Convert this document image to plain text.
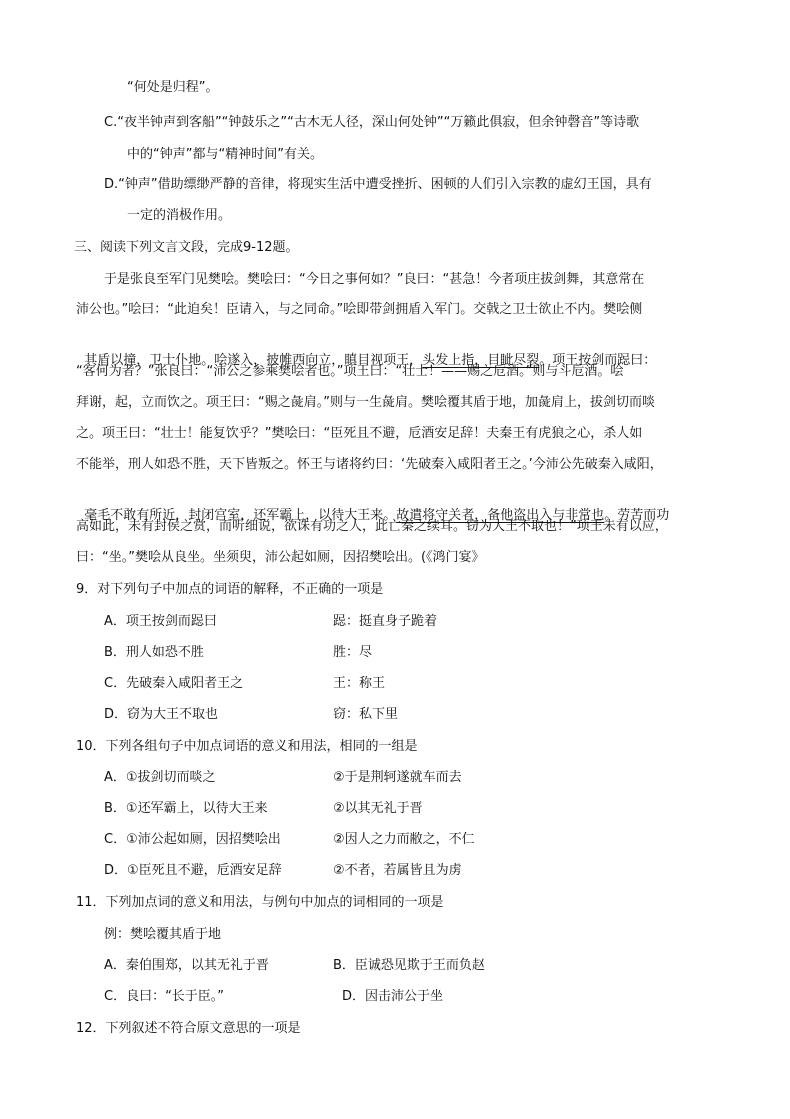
“何处是归程”。
C.“夜半钟声到客船”“钟鼓乐之”“古木无人径，深山何处钟”“万籁此俱寂，但余钟磬音”等诗歌
中的“钟声”都与“精神时间”有关。
D.“钟声”借助缥缈严静的音律，将现实生活中遭受挫折、困顿的人们引入宗教的虚幻王国，具有
一定的消极作用。
三、阅读下列文言文段，完成9-12题。
于是张良至军门见樊哙。樊哙曰：“今日之事何如？”良曰：“甚急！今者项庄拔剑舞，其意常在
沛公也。”哙曰：“此迫矣！臣请入，与之同命。”哙即带剑拥盾入军门。交戟之卫士欲止不内。樊哙侧

其盾以撞，卫士仆地。哙遂入，披帷西向立，瞋目视项王，头发上指，目眦尽裂。项王按剑而跽曰：

“客何为者？”张良曰：“沛公之参乘樊哙者也。”项王曰：“壮士！——赐之卮酒。”则与斗卮酒。哙
拜谢，起，立而饮之。项王曰：“赐之彘肩。”则与一生彘肩。樊哙覆其盾于地，加彘肩上，拔剑切而啖
之。项王曰：“壮士！能复饮乎？”樊哙曰：“臣死且不避，卮酒安足辞！夫秦王有虎狼之心，杀人如
不能举，刑人如恐不胜，天下皆叛之。怀王与诸将约曰：‘先破秦入咸阳者王之。’今沛公先破秦入咸阳，

毫毛不敢有所近，封闭宫室，还军霸上，以待大王来。故遣将守关者，备他盗出入与非常也。劳苦而功

高如此，未有封侯之赏，而听细说，欲诛有功之人，此亡秦之续耳。窃为大王不取也！”项王未有以应，
曰：“坐。”樊哙从良坐。坐须臾，沛公起如厕，因招樊哙出。(《鸿门宴》
9．对下列句子中加点的词语的解释，不正确的一项是
A．项王按剑而跽曰	跽：挺直身子跪着
B．刑人如恐不胜	胜：尽
C．先破秦入咸阳者王之	王：称王
D．窃为大王不取也	窃：私下里
10．下列各组句子中加点词语的意义和用法，相同的一组是
A．①拔剑切而啖之	②于是荆轲遂就车而去
B．①还军霸上，以待大王来	②以其无礼于晋
C．①沛公起如厕，因招樊哙出	②因人之力而敝之，不仁
D．①臣死且不避，卮酒安足辞	②不者，若属皆且为虏
11．下列加点词的意义和用法，与例句中加点的词相同的一项是
例：樊哙覆其盾于地
A．秦伯围郑，以其无礼于晋	B．臣诚恐见欺于王而负赵
C．良曰：“长于臣。”	D．因击沛公于坐
12．下列叙述不符合原文意思的一项是
